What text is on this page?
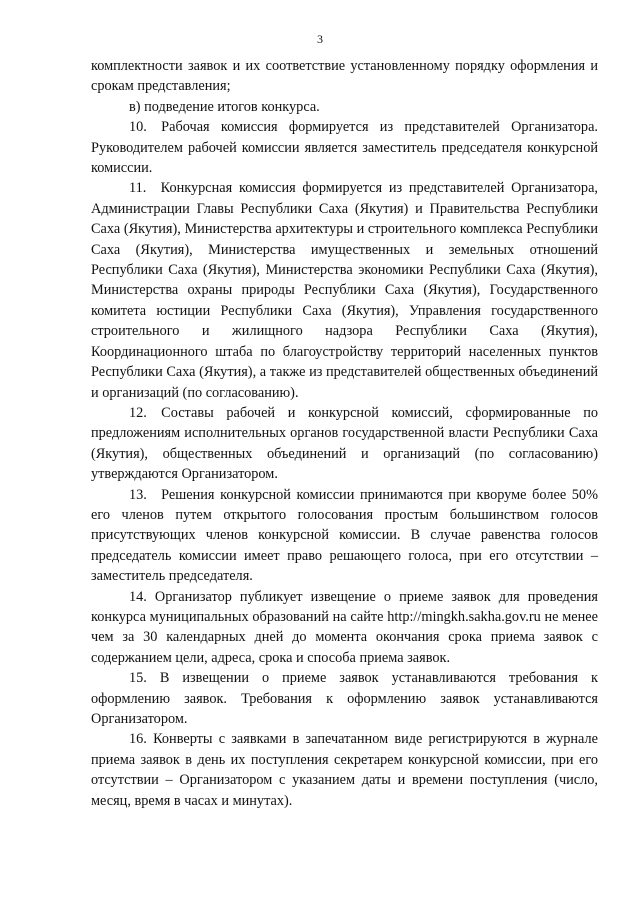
3

комплектности заявок и их соответствие установленному порядку оформления и срокам представления;

в) подведение итогов конкурса.

10. Рабочая комиссия формируется из представителей Организатора. Руководителем рабочей комиссии является заместитель председателя конкурсной комиссии.

11. Конкурсная комиссия формируется из представителей Организатора, Администрации Главы Республики Саха (Якутия) и Правительства Республики Саха (Якутия), Министерства архитектуры и строительного комплекса Республики Саха (Якутия), Министерства имущественных и земельных отношений Республики Саха (Якутия), Министерства экономики Республики Саха (Якутия), Министерства охраны природы Республики Саха (Якутия), Государственного комитета юстиции Республики Саха (Якутия), Управления государственного строительного и жилищного надзора Республики Саха (Якутия), Координационного штаба по благоустройству территорий населенных пунктов Республики Саха (Якутия), а также из представителей общественных объединений и организаций (по согласованию).

12. Составы рабочей и конкурсной комиссий, сформированные по предложениям исполнительных органов государственной власти Республики Саха (Якутия), общественных объединений и организаций (по согласованию) утверждаются Организатором.

13. Решения конкурсной комиссии принимаются при кворуме более 50% его членов путем открытого голосования простым большинством голосов присутствующих членов конкурсной комиссии. В случае равенства голосов председатель комиссии имеет право решающего голоса, при его отсутствии – заместитель председателя.

14. Организатор публикует извещение о приеме заявок для проведения конкурса муниципальных образований на сайте http://mingkh.sakha.gov.ru не менее чем за 30 календарных дней до момента окончания срока приема заявок с содержанием цели, адреса, срока и способа приема заявок.

15. В извещении о приеме заявок устанавливаются требования к оформлению заявок. Требования к оформлению заявок устанавливаются Организатором.

16. Конверты с заявками в запечатанном виде регистрируются в журнале приема заявок в день их поступления секретарем конкурсной комиссии, при его отсутствии – Организатором с указанием даты и времени поступления (число, месяц, время в часах и минутах).
